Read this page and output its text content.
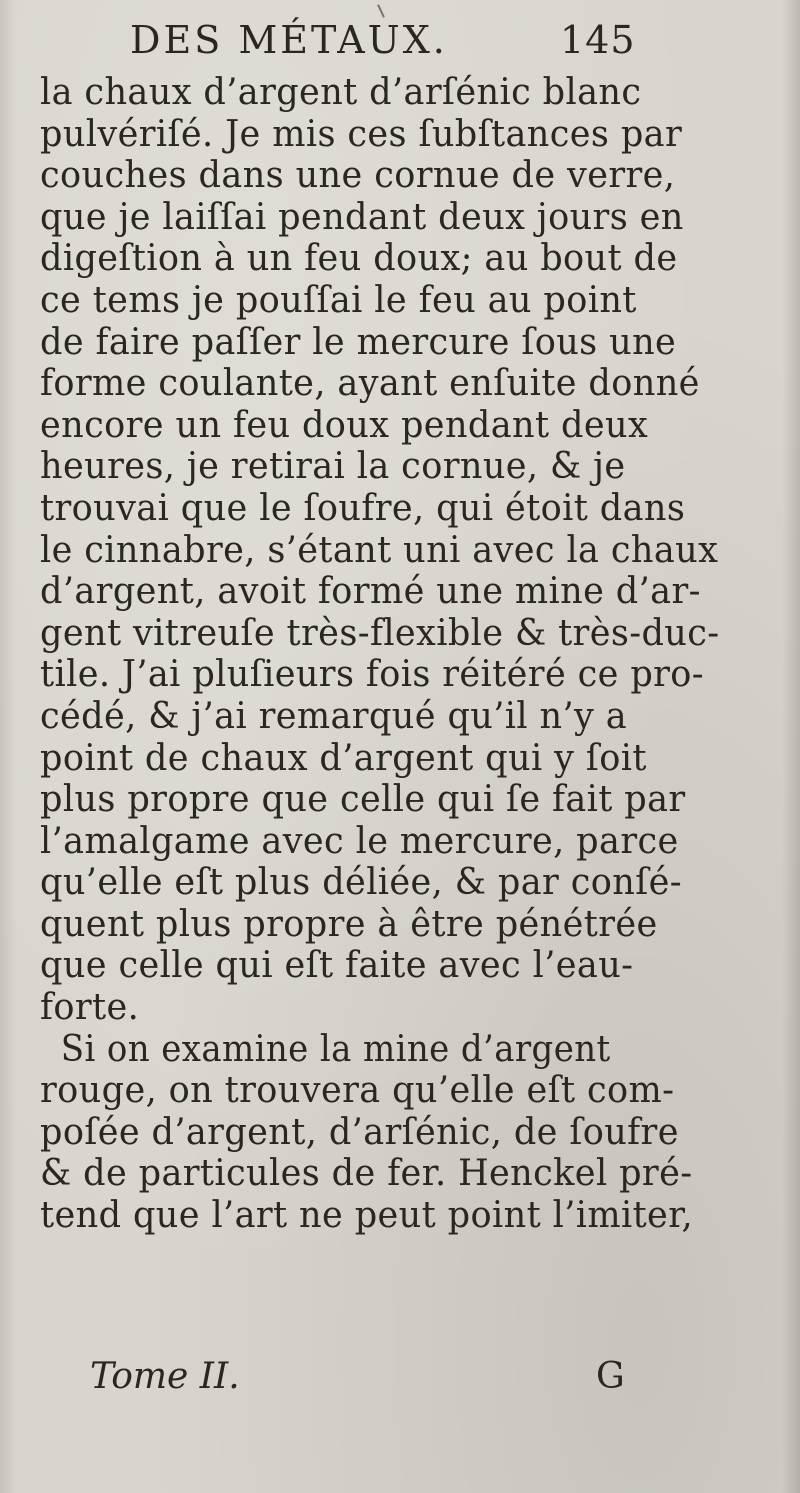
DES MÉTAUX.	145
la chaux d’argent d’arſénic blanc
pulvériſé. Je mis ces ſubſtances par
couches dans une cornue de verre,
que je laiſſai pendant deux jours en
digeſtion à un feu doux; au bout de
ce tems je pouſſai le feu au point
de faire paſſer le mercure ſous une
forme coulante, ayant enſuite donné
encore un feu doux pendant deux
heures, je retirai la cornue, & je
trouvai que le ſoufre, qui étoit dans
le cinnabre, s’étant uni avec la chaux
d’argent, avoit formé une mine d’ar-
gent vitreuſe très-flexible & très-duc-
tile. J’ai pluſieurs fois réitéré ce pro-
cédé, & j’ai remarqué qu’il n’y a
point de chaux d’argent qui y ſoit
plus propre que celle qui ſe fait par
l’amalgame avec le mercure, parce
qu’elle eſt plus déliée, & par conſé-
quent plus propre à être pénétrée
que celle qui eſt faite avec l’eau-
forte.
Si on examine la mine d’argent
rouge, on trouvera qu’elle eſt com-
poſée d’argent, d’arſénic, de ſoufre
& de particules de fer. Henckel pré-
tend que l’art ne peut point l’imiter,
Tome II.	G
